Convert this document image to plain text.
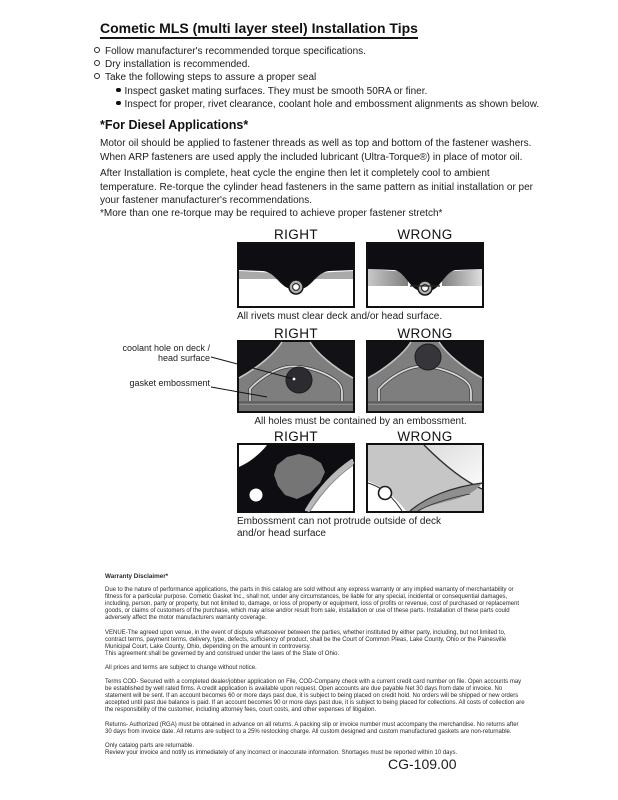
Cometic MLS (multi layer steel) Installation Tips
Follow manufacturer's recommended torque specifications.
Dry installation is recommended.
Take the following steps to assure a proper seal
Inspect gasket mating surfaces. They must be smooth 50RA or finer.
Inspect for proper, rivet clearance, coolant hole and embossment alignments as shown below.
*For Diesel Applications*
Motor oil should be applied to fastener threads as well as top and bottom of the fastener washers. When ARP fasteners are used apply the included lubricant (Ultra-Torque®) in place of motor oil.
After Installation is complete, heat cycle the engine then let it completely cool to ambient temperature. Re-torque the cylinder head fasteners in the same pattern as initial installation or per your fastener manufacturer's recommendations.
*More than one re-torque may be required to achieve proper fastener stretch*
RIGHT	WRONG
All rivets must clear deck and/or head surface.
RIGHT	WRONG
coolant hole on deck / head surface
gasket embossment
All holes must be contained by an embossment.
RIGHT	WRONG
Embossment can not protrude outside of deck and/or head surface
Warranty Disclaimer*

Due to the nature of performance applications, the parts in this catalog are sold without any express warranty or any implied warranty of merchantability or fitness for a particular purpose. Cometic Gasket Inc., shall not, under any circumstances, be liable for any special, incidental or consequential damages, including, person, party or property, but not limited to, damage, or loss of property or equipment, loss of profits or revenue, cost of purchased or replacement goods, or claims of customers of the purchase, which may arise and/or result from sale, installation or use of these parts. Installation of these parts could adversely affect the motor manufacturers warranty coverage.

VENUE-The agreed upon venue, in the event of dispute whatsoever between the parties, whether instituted by either party, including, but not limited to, contract terms, payment terms, delivery, type, defects, sufficiency of product, shall be the Court of Common Pleas, Lake County, Ohio or the Painesville Municipal Court, Lake County, Ohio, depending on the amount in controversy.
This agreement shall be governed by and construed under the laws of the State of Ohio.

All prices and terms are subject to change without notice.

Terms COD- Secured with a completed dealer/jobber application on File, COD-Company check with a current credit card number on file. Open accounts may be established by well rated firms. A credit application is available upon request. Open accounts are due payable Net 30 days from date of invoice. No statement will be sent. If an account becomes 60 or more days past due, it is subject to being placed on credit hold. No orders will be shipped or new orders accepted until past due balance is paid. If an account becomes 90 or more days past due, it is subject to being placed for collections. All costs of collection are the responsibility of the customer, including attorney fees, court costs, and other expenses of litigation.

Returns- Authorized (RGA) must be obtained in advance on all returns. A packing slip or invoice number must accompany the merchandise. No returns after 30 days from invoice date. All returns are subject to a 25% restocking charge. All custom designed and custom manufactured gaskets are non-returnable.

Only catalog parts are returnable.
Review your invoice and notify us immediately of any incorrect or inaccurate information. Shortages must be reported within 10 days.

CG-109.00
